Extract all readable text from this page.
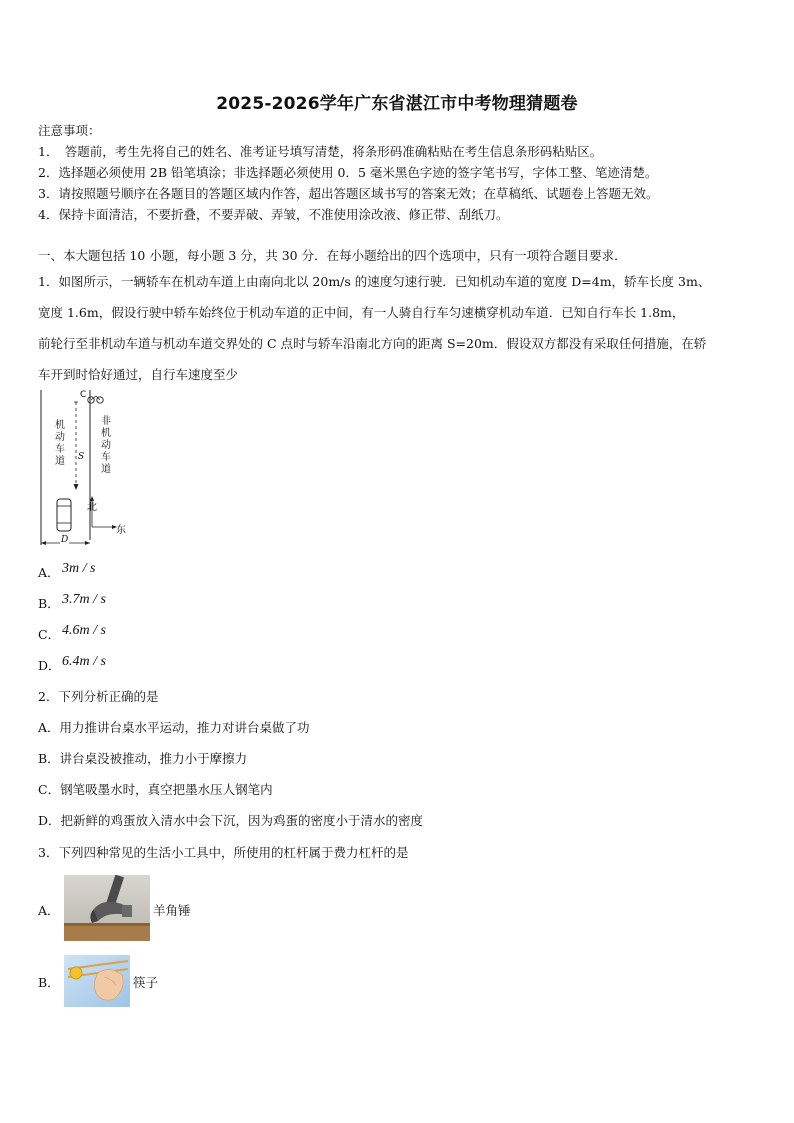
2025-2026学年广东省湛江市中考物理猜题卷
注意事项：
1．　答题前，考生先将自己的姓名、准考证号填写清楚，将条形码准确粘贴在考生信息条形码粘贴区。
2．选择题必须使用 2B 铅笔填涂；非选择题必须使用 0．5 毫米黑色字迹的签字笔书写，字体工整、笔迹清楚。
3．请按照题号顺序在各题目的答题区域内作答，超出答题区域书写的答案无效；在草稿纸、试题卷上答题无效。
4．保持卡面清洁，不要折叠，不要弄破、弄皱，不准使用涂改液、修正带、刮纸刀。
一、本大题包括 10 小题，每小题 3 分，共 30 分．在每小题给出的四个选项中，只有一项符合题目要求．
1．如图所示，一辆轿车在机动车道上由南向北以 20m/s 的速度匀速行驶．已知机动车道的宽度 D=4m，轿车长度 3m、
宽度 1.6m，假设行驶中轿车始终位于机动车道的正中间，有一人骑自行车匀速横穿机动车道．已知自行车长 1.8m，
前轮行至非机动车道与机动车道交界处的 C 点时与轿车沿南北方向的距离 S=20m．假设双方都没有采取任何措施，在轿
车开到时恰好通过，自行车速度至少
机动车道
非机动车道
C
S
北
东
D
A． 3m / s
B． 3.7m / s
C． 4.6m / s
D． 6.4m / s
2．下列分析正确的是
A．用力推讲台桌水平运动，推力对讲台桌做了功
B．讲台桌没被推动，推力小于摩擦力
C．钢笔吸墨水时，真空把墨水压人钢笔内
D．把新鲜的鸡蛋放入清水中会下沉，因为鸡蛋的密度小于清水的密度
3．下列四种常见的生活小工具中，所使用的杠杆属于费力杠杆的是
A．	羊角锤
B．	筷子
